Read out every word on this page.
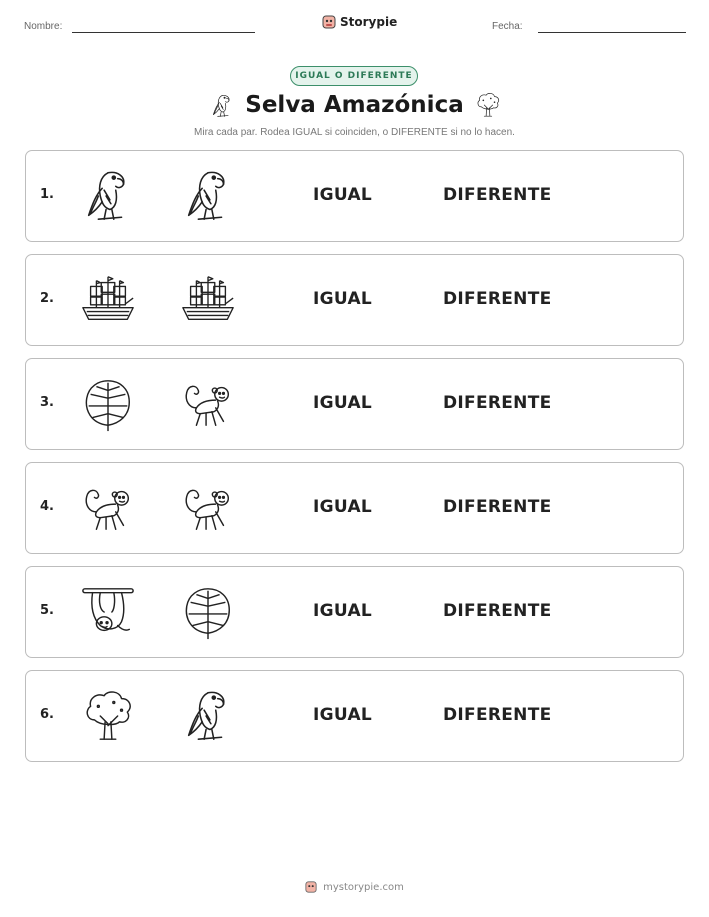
Nombre:	Storypie	Fecha:
IGUAL O DIFERENTE
Selva Amazónica
Mira cada par. Rodea IGUAL si coinciden, o DIFERENTE si no lo hacen.
1.	IGUAL	DIFERENTE
2.	IGUAL	DIFERENTE
3.	IGUAL	DIFERENTE
4.	IGUAL	DIFERENTE
5.	IGUAL	DIFERENTE
6.	IGUAL	DIFERENTE
mystorypie.com
